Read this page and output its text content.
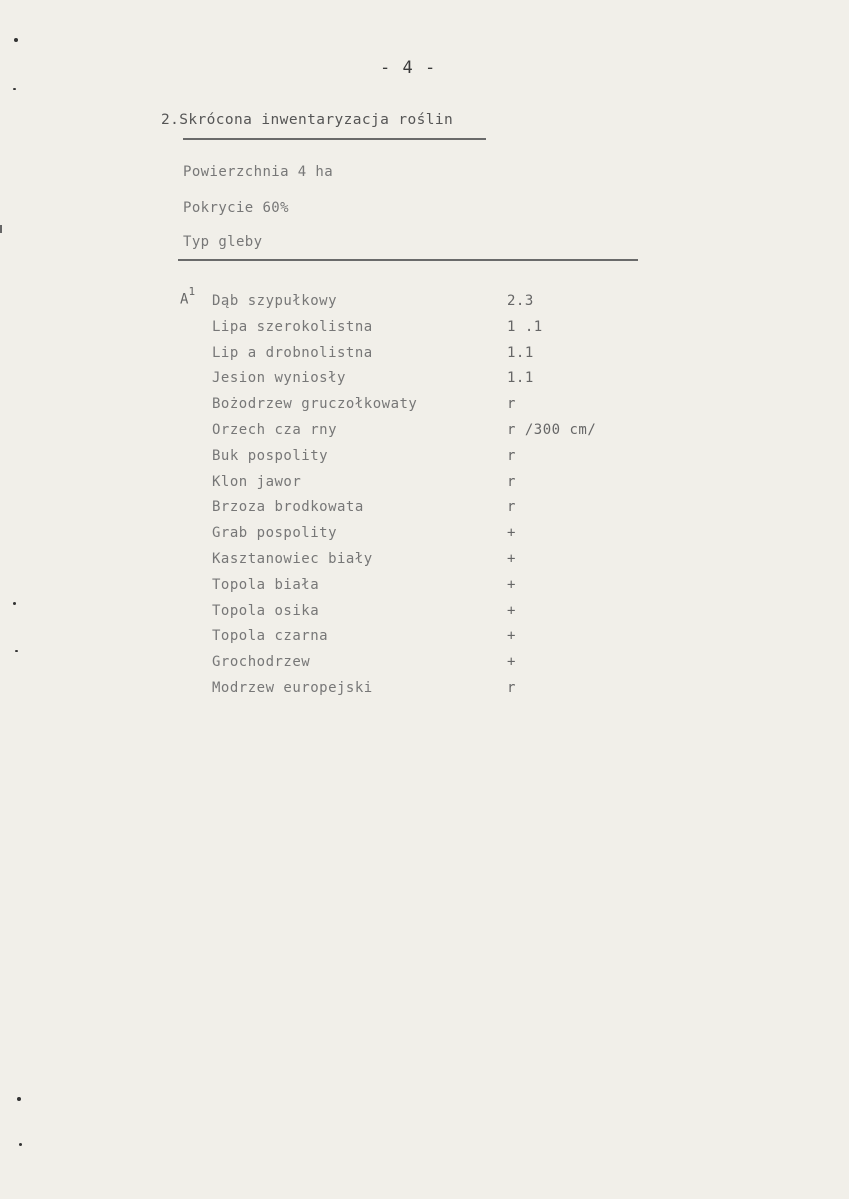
- 4 -
2.Skrócona inwentaryzacja roślin
Powierzchnia 4 ha
Pokrycie 60%
Typ gleby
$A^1$
Dąb szypułkowy	2.3
Lipa szerokolistna	1 .1
Lip a drobnolistna	1.1
Jesion wyniosły	1.1
Bożodrzew gruczołkowaty	r
Orzech cza rny	r /300 cm/
Buk pospolity	r
Klon jawor	r
Brzoza brodkowata	r
Grab pospolity	+
Kasztanowiec biały	+
Topola biała	+
Topola osika	+
Topola czarna	+
Grochodrzew	+
Modrzew europejski	r
